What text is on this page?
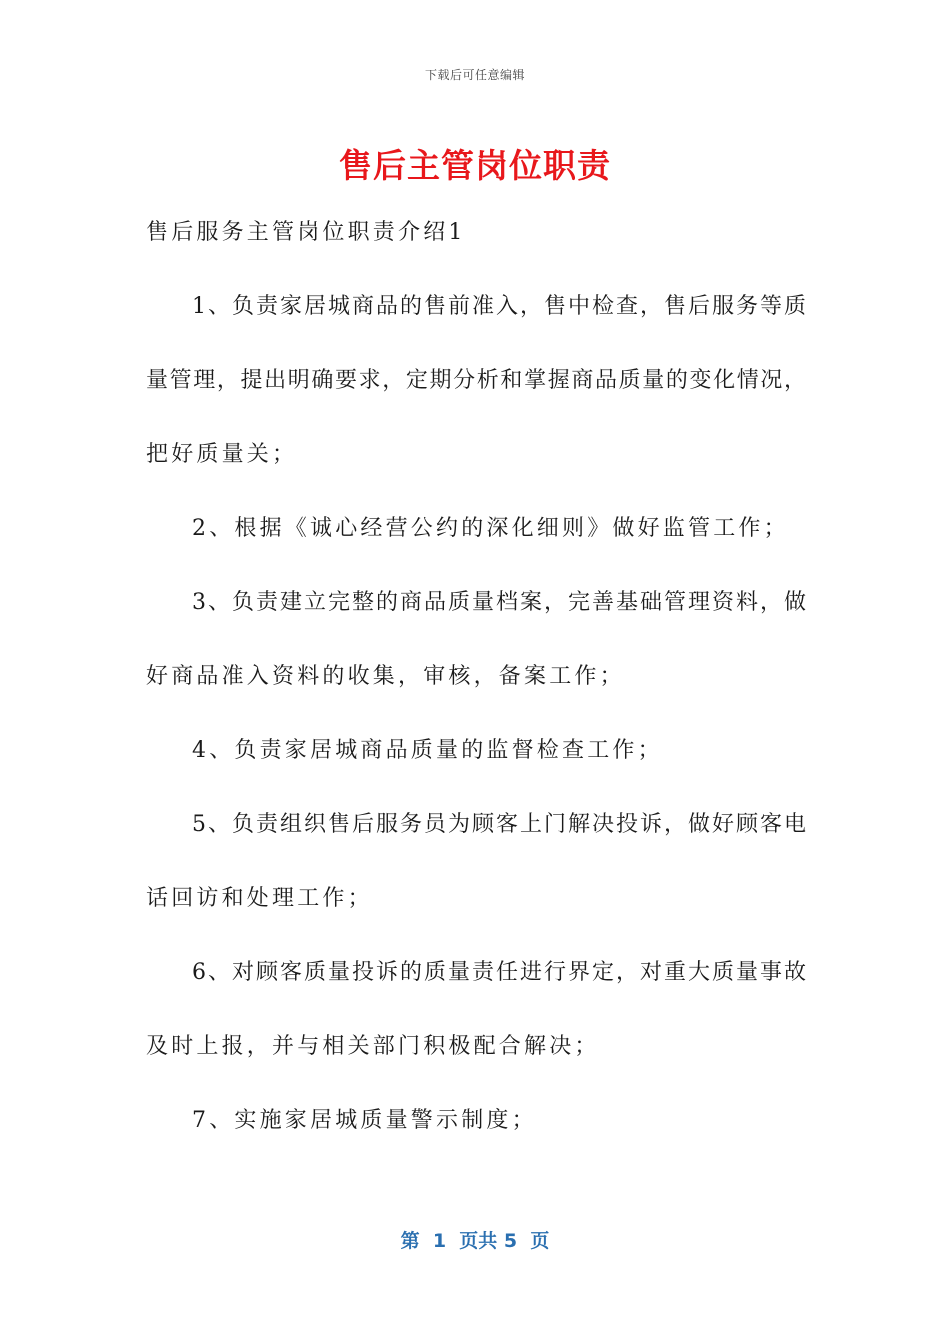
下载后可任意编辑
售后主管岗位职责
售后服务主管岗位职责介绍1
1、负责家居城商品的售前准入，售中检查，售后服务等质
量管理，提出明确要求，定期分析和掌握商品质量的变化情况，
把好质量关；
2、根据《诚心经营公约的深化细则》做好监管工作；
3、负责建立完整的商品质量档案，完善基础管理资料，做
好商品准入资料的收集，审核，备案工作；
4、负责家居城商品质量的监督检查工作；
5、负责组织售后服务员为顾客上门解决投诉，做好顾客电
话回访和处理工作；
6、对顾客质量投诉的质量责任进行界定，对重大质量事故
及时上报，并与相关部门积极配合解决；
7、实施家居城质量警示制度；
第  1  页共 5  页
